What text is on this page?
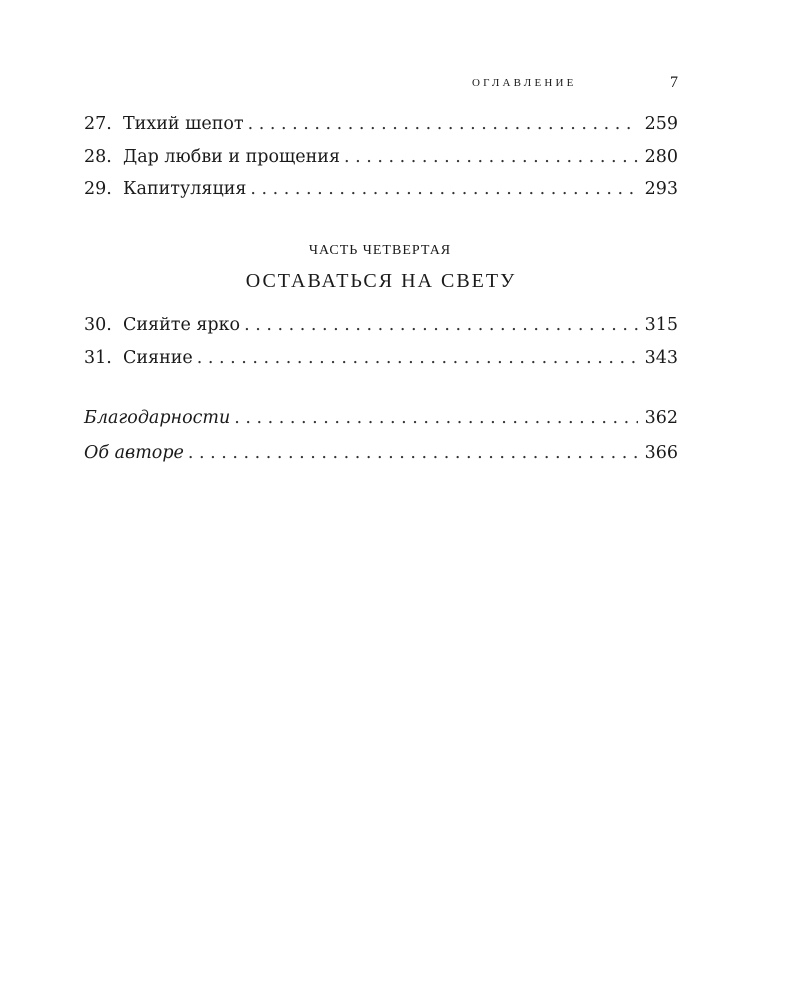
ОГЛАВЛЕНИЕ	7
27. Тихий шепот . . .	259
28. Дар любви и прощения . . .	280
29. Капитуляция . . .	293
ЧАСТЬ ЧЕТВЕРТАЯ
ОСТАВАТЬСЯ НА СВЕТУ
30. Сияйте ярко . . .	315
31. Сияние . . .	343
Благодарности . . .	362
Об авторе . . .	366
